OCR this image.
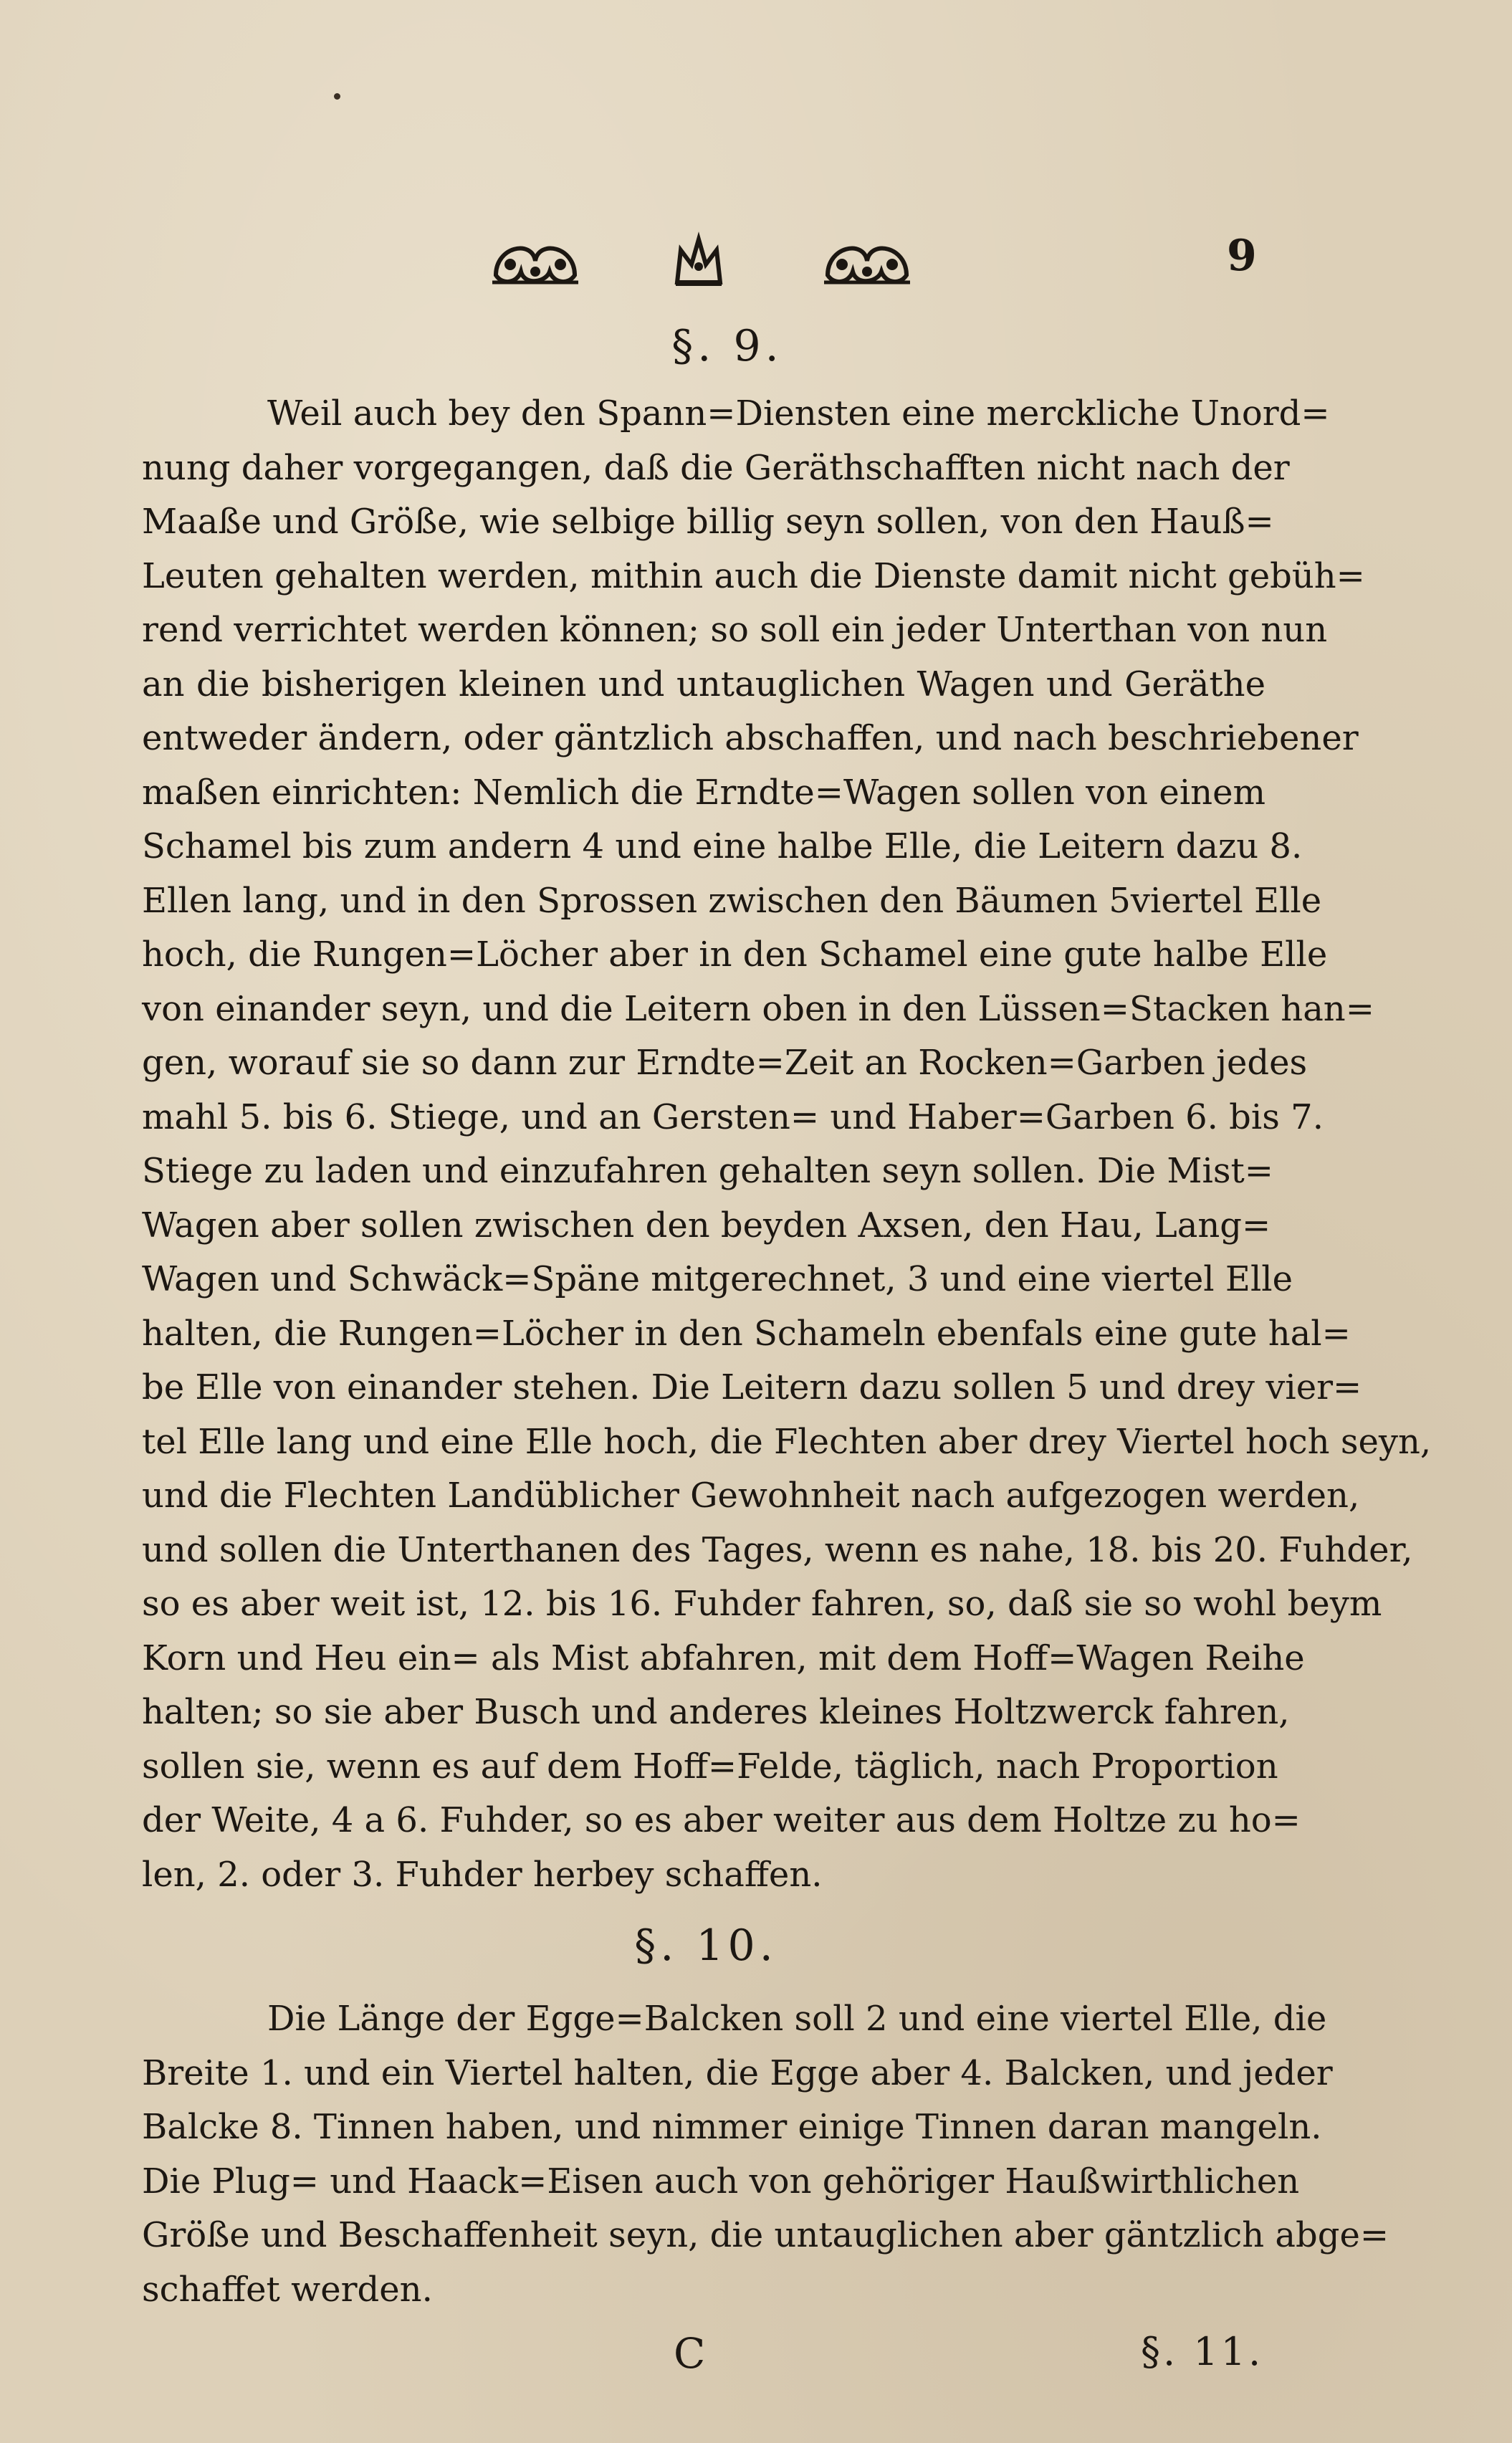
9
§. 9.
Weil auch bey den Spann=Diensten eine merckliche Unord=
nung daher vorgegangen, daß die Geräthschafften nicht nach der
Maaße und Größe, wie selbige billig seyn sollen, von den Hauß=
Leuten gehalten werden, mithin auch die Dienste damit nicht gebüh=
rend verrichtet werden können; so soll ein jeder Unterthan von nun
an die bisherigen kleinen und untauglichen Wagen und Geräthe
entweder ändern, oder gäntzlich abschaffen, und nach beschriebener
maßen einrichten: Nemlich die Erndte=Wagen sollen von einem
Schamel bis zum andern 4 und eine halbe Elle, die Leitern dazu 8.
Ellen lang, und in den Sprossen zwischen den Bäumen 5viertel Elle
hoch, die Rungen=Löcher aber in den Schamel eine gute halbe Elle
von einander seyn, und die Leitern oben in den Lüssen=Stacken han=
gen, worauf sie so dann zur Erndte=Zeit an Rocken=Garben jedes
mahl 5. bis 6. Stiege, und an Gersten= und Haber=Garben 6. bis 7.
Stiege zu laden und einzufahren gehalten seyn sollen. Die Mist=
Wagen aber sollen zwischen den beyden Axsen, den Hau, Lang=
Wagen und Schwäck=Späne mitgerechnet, 3 und eine viertel Elle
halten, die Rungen=Löcher in den Schameln ebenfals eine gute hal=
be Elle von einander stehen. Die Leitern dazu sollen 5 und drey vier=
tel Elle lang und eine Elle hoch, die Flechten aber drey Viertel hoch seyn,
und die Flechten Landüblicher Gewohnheit nach aufgezogen werden,
und sollen die Unterthanen des Tages, wenn es nahe, 18. bis 20. Fuhder,
so es aber weit ist, 12. bis 16. Fuhder fahren, so, daß sie so wohl beym
Korn und Heu ein= als Mist abfahren, mit dem Hoff=Wagen Reihe
halten; so sie aber Busch und anderes kleines Holtzwerck fahren,
sollen sie, wenn es auf dem Hoff=Felde, täglich, nach Proportion
der Weite, 4 a 6. Fuhder, so es aber weiter aus dem Holtze zu ho=
len, 2. oder 3. Fuhder herbey schaffen.
§. 10.
Die Länge der Egge=Balcken soll 2 und eine viertel Elle, die
Breite 1. und ein Viertel halten, die Egge aber 4. Balcken, und jeder
Balcke 8. Tinnen haben, und nimmer einige Tinnen daran mangeln.
Die Plug= und Haack=Eisen auch von gehöriger Haußwirthlichen
Größe und Beschaffenheit seyn, die untauglichen aber gäntzlich abge=
schaffet werden.
C	§. 11.
